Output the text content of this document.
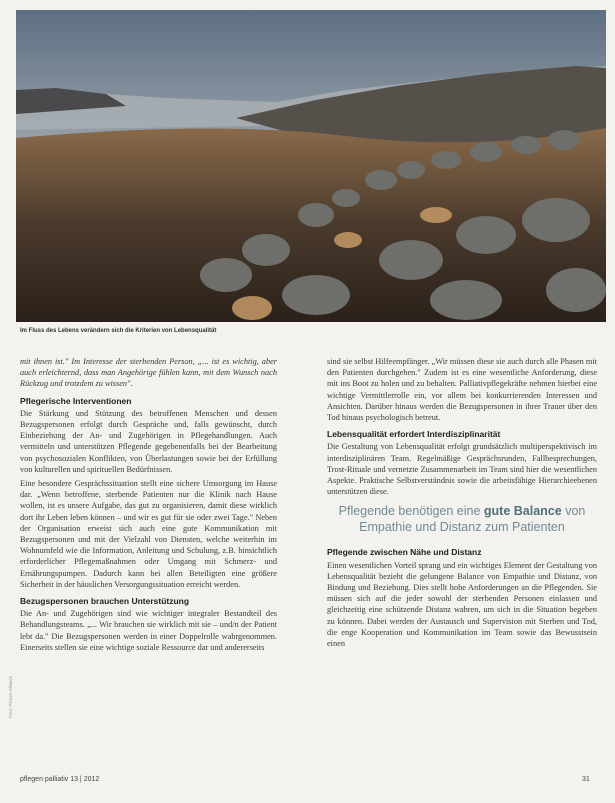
Im Fluss des Lebens verändern sich die Kriterien von Lebensqualität
Foto: Picture Alliance

mit ihnen ist." Im Interesse der sterbenden Person, „... ist es wichtig, aber auch erleichternd, dass man Angehörige fühlen kann, mit dem Wunsch nach Rückzug und trotzdem zu wissen".

Pflegerische Interventionen

Die Stärkung und Stützung des betroffenen Menschen und dessen Bezugspersonen erfolgt durch Gespräche und, falls gewünscht, durch Einbeziehung der An- und Zugehörigen in Pflegehandlungen. Auch vermitteln und unterstützen Pflegende gegebenenfalls bei der Bearbeitung von psychosozialen Konflikten, von Überlastungen sowie bei der Erfüllung von kulturellen und spirituellen Bedürfnissen.

Eine besondere Gesprächssituation stellt eine sichere Umsorgung im Hause dar. „Wenn betroffene, sterbende Patienten nur die Klinik nach Hause wollen, ist es unsere Aufgabe, das gut zu organisieren, damit diese wirklich dort ihr Leben leben können – und wir es gut für sie oder zwei Tage." Neben der Organisation erweist sich auch eine gute Kommunikation mit Bezugspersonen und mit der Vielzahl von Diensten, welche weiterhin im Wohnumfeld wie die Information, Anleitung und Schulung, z.B. hinsichtlich erforderlicher Pflegemaßnahmen oder Umgang mit Schmerz- und Ernährungspumpen. Dadurch kann bei allen Beteiligten eine größere Sicherheit in der häuslichen Versorgungssituation erreicht werden.

Bezugspersonen brauchen Unterstützung

Die An- und Zugehörigen sind wie wichtiger integraler Bestandteil des Behandlungsteams. „... Wir brauchen sie wirklich mit sie – und/n der Patient lebt da." Die Bezugspersonen werden in einer Doppelrolle wahrgenommen. Einerseits stellen sie eine wichtige soziale Ressource dar und andererseits

sind sie selbst Hilfeempfänger. „Wir müssen diese sie auch durch alle Phasen mit den Patienten durchgehen." Zudem ist es eine wesentliche Anforderung, diese mit ins Boot zu holen und zu behalten. Palliativpflegekräfte nehmen hierbei eine wichtige Vermittlerrolle ein, vor allem bei konkurrierenden Interessen und Ansichten. Darüber hinaus werden die Bezugspersonen in ihrer Trauer über den Tod hinaus psychologisch betreut.

Lebensqualität erfordert Interdisziplinarität

Die Gestaltung von Lebensqualität erfolgt grundsätzlich multiperspektivisch im interdisziplinären Team. Regelmäßige Gesprächsrunden, Fallbesprechungen, Trost-Rituale und vernetzte Zusammenarbeit im Team sind hier die wesentlichen Aspekte. Praktische Selbstverständnis sowie die arbeitsfähige Hierarchieebenen unterstützen diese.

Pflegende benötigen eine gute Balance von Empathie und Distanz zum Patienten
Pflegende zwischen Nähe und Distanz

Einen wesentlichen Vorteil sprang und ein wichtiges Element der Gestaltung von Lebensqualität bezieht die gelungene Balance von Empathie und Distanz, von Bindung und Beziehung. Dies stellt hohe Anforderungen an die Pflegenden. Sie müssen sich auf die jeder sowohl der sterbenden Personen einlassen und gleichzeitig eine schützende Distanz wahren, um sich in die Situation begeben zu können. Dabei werden der Austausch und Supervision mit Sterben und Tod, die enge Kooperation und Kommunikation im Team sowie das Bewusstsein einen

pflegen palliativ 13 | 2012	31
